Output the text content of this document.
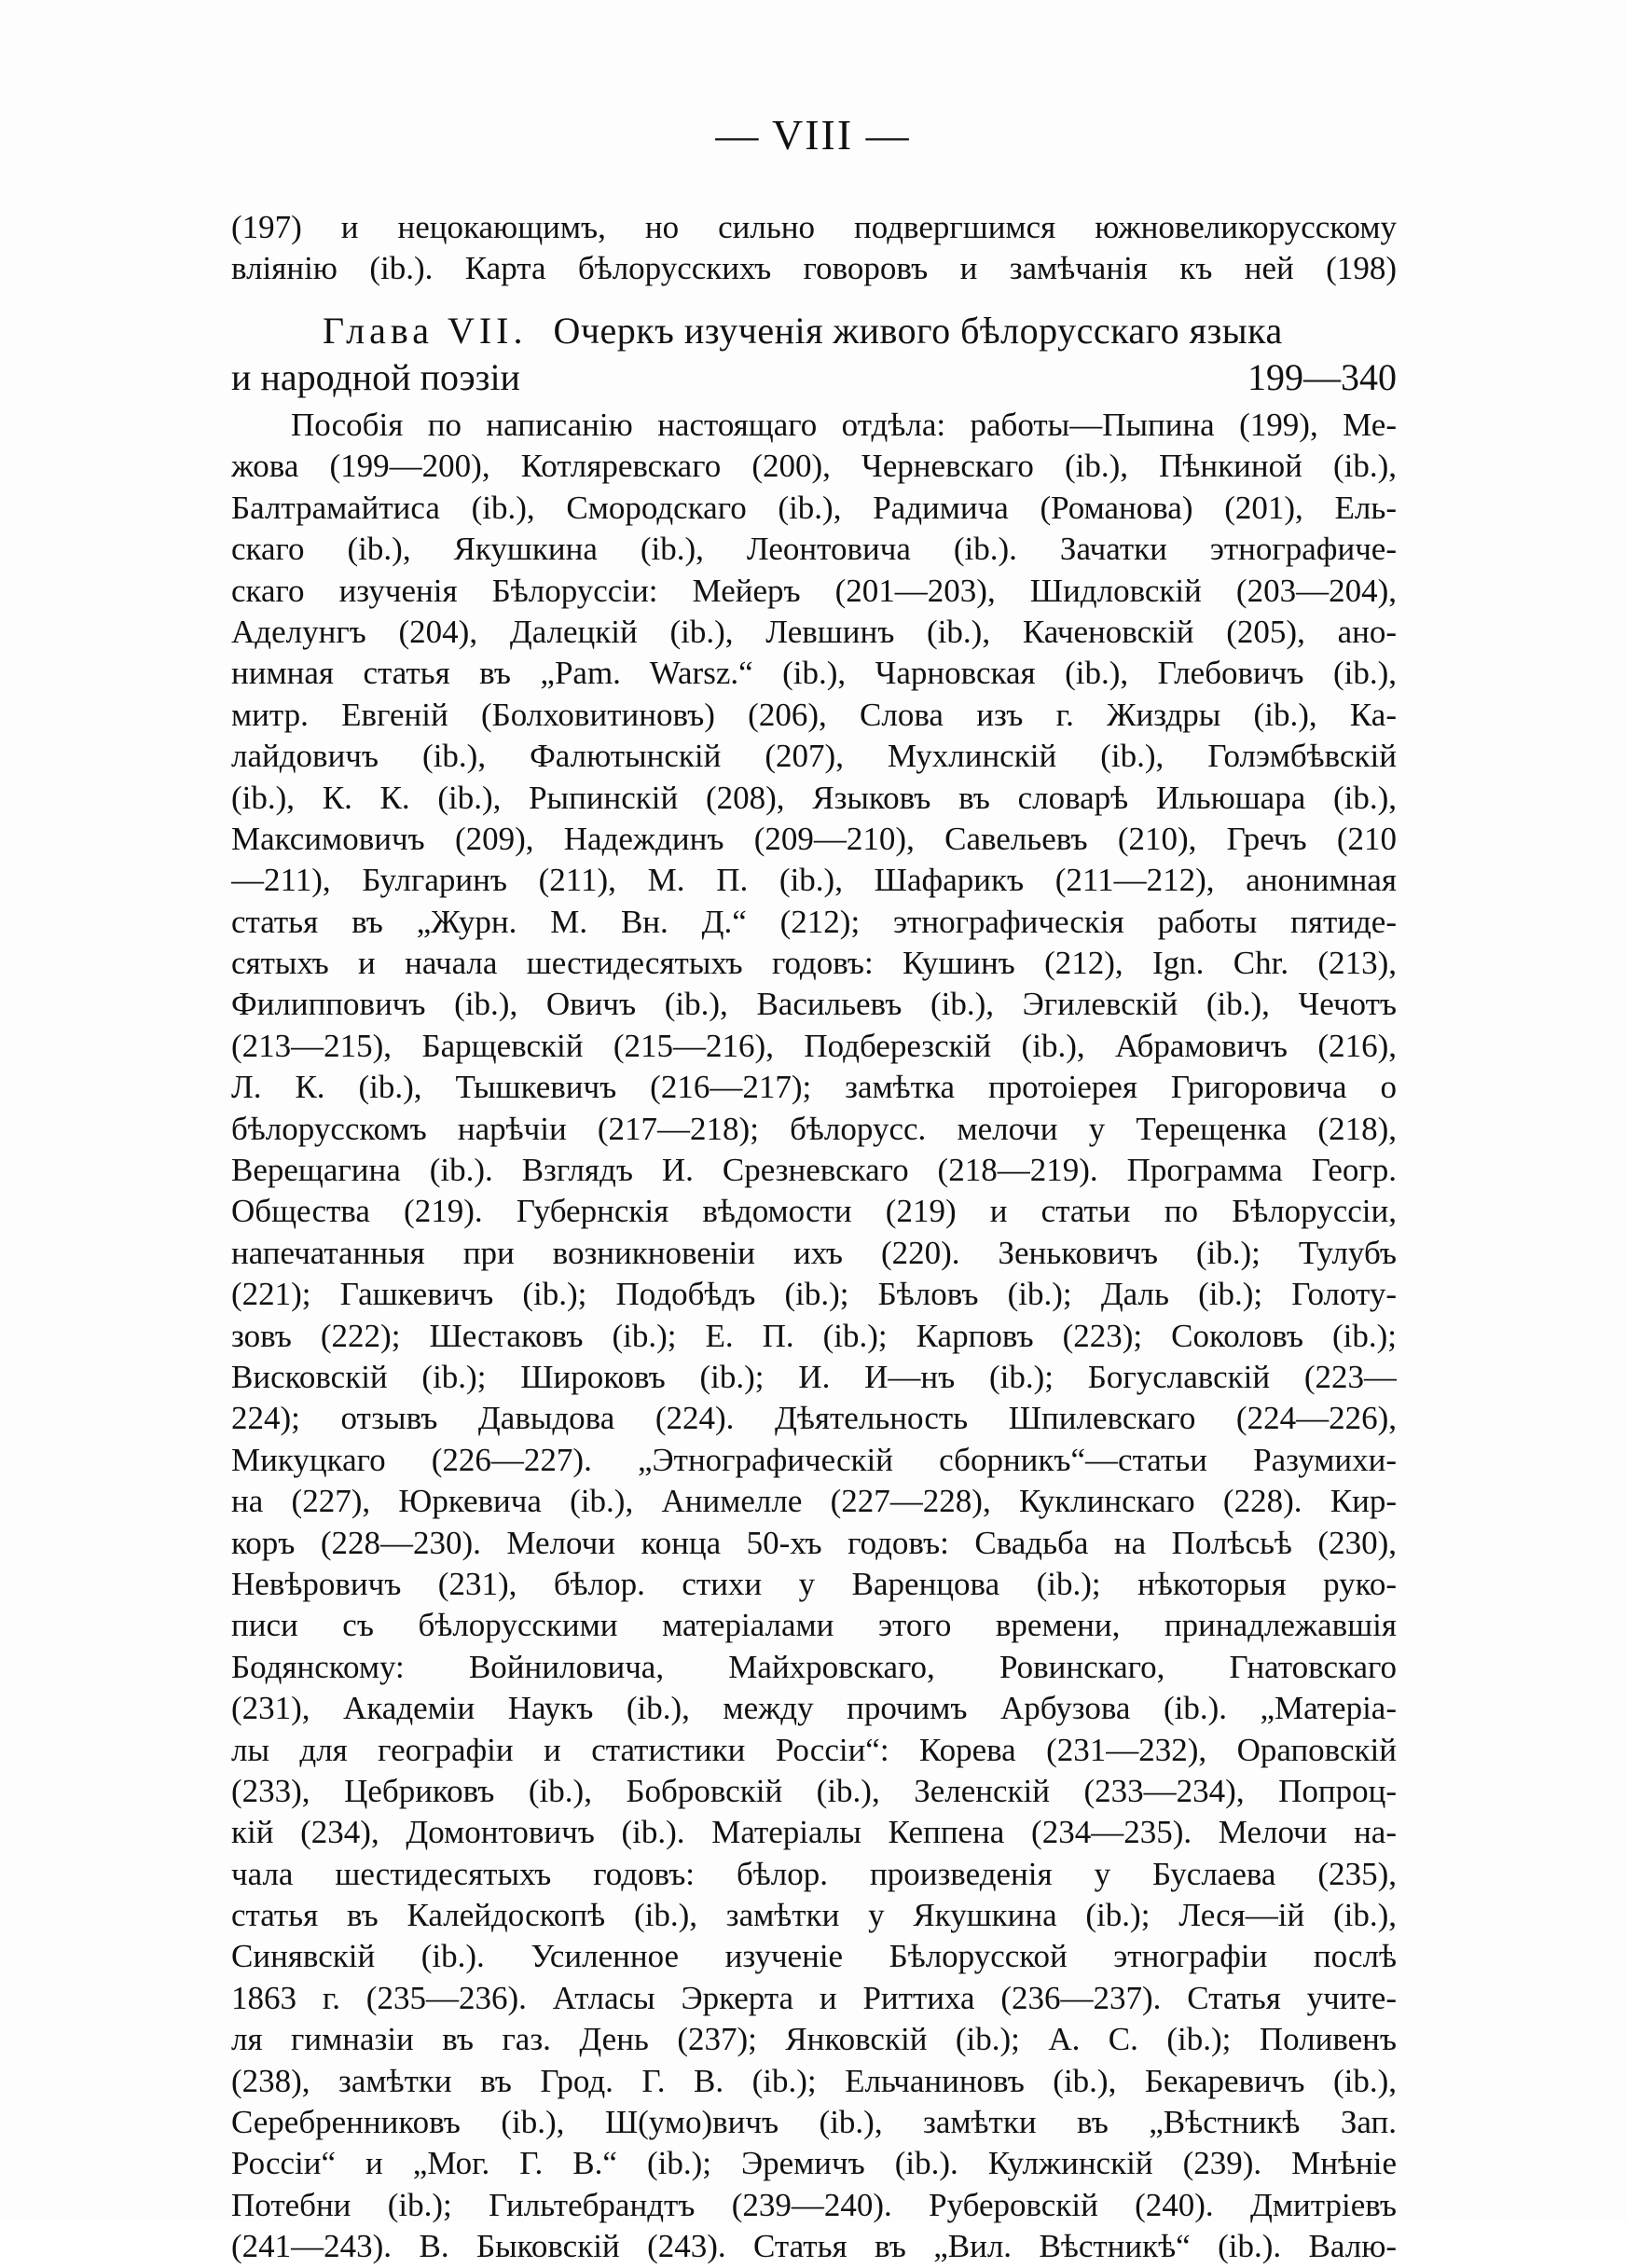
— VIII —
(197) и нецокающимъ, но сильно подвергшимся южновеликорусскому
вліянію (ib.). Карта бѣлорусскихъ говоровъ и замѣчанія къ ней (198)
Глава VII. Очеркъ изученія живого бѣлорусскаго языка
и народной поэзіи	199—340
Пособія по написанію настоящаго отдѣла: работы—Пыпина (199), Ме-
жова (199—200), Котляревскаго (200), Черневскаго (ib.), Пѣнкиной (ib.),
Балтрамайтиса (ib.), Смородскаго (ib.), Радимича (Романова) (201), Ель-
скаго (ib.), Якушкина (ib.), Леонтовича (ib.). Зачатки этнографиче-
скаго изученія Бѣлоруссіи: Мейеръ (201—203), Шидловскій (203—204),
Аделунгъ (204), Далецкій (ib.), Левшинъ (ib.), Каченовскій (205), ано-
нимная статья въ „Pam. Warsz.“ (ib.), Чарновская (ib.), Глебовичъ (ib.),
митр. Евгеній (Болховитиновъ) (206), Слова изъ г. Жиздры (ib.), Ка-
лайдовичъ (ib.), Фалютынскій (207), Мухлинскій (ib.), Голэмбѣвскій
(ib.), К. К. (ib.), Рыпинскій (208), Языковъ въ словарѣ Ильюшара (ib.),
Максимовичъ (209), Надеждинъ (209—210), Савельевъ (210), Гречъ (210
—211), Булгаринъ (211), М. П. (ib.), Шафарикъ (211—212), анонимная
статья въ „Журн. М. Вн. Д.“ (212); этнографическія работы пятиде-
сятыхъ и начала шестидесятыхъ годовъ: Кушинъ (212), Ign. Chr. (213),
Филипповичъ (ib.), Овичъ (ib.), Васильевъ (ib.), Эгилевскій (ib.), Чечотъ
(213—215), Барщевскій (215—216), Подберезскій (ib.), Абрамовичъ (216),
Л. К. (ib.), Тышкевичъ (216—217); замѣтка протоіерея Григоровича о
бѣлорусскомъ нарѣчіи (217—218); бѣлорусс. мелочи у Терещенка (218),
Верещагина (ib.). Взглядъ И. Срезневскаго (218—219). Программа Геогр.
Общества (219). Губернскія вѣдомости (219) и статьи по Бѣлоруссіи,
напечатанныя при возникновеніи ихъ (220). Зеньковичъ (ib.); Тулубъ
(221); Гашкевичъ (ib.); Подобѣдъ (ib.); Бѣловъ (ib.); Даль (ib.); Голоту-
зовъ (222); Шестаковъ (ib.); Е. П. (ib.); Карповъ (223); Соколовъ (ib.);
Висковскій (ib.); Широковъ (ib.); И. И—нъ (ib.); Богуславскій (223—
224); отзывъ Давыдова (224). Дѣятельность Шпилевскаго (224—226),
Микуцкаго (226—227). „Этнографическій сборникъ“—статьи Разумихи-
на (227), Юркевича (ib.), Анимелле (227—228), Куклинскаго (228). Кир-
коръ (228—230). Мелочи конца 50-хъ годовъ: Свадьба на Полѣсьѣ (230),
Невѣровичъ (231), бѣлор. стихи у Варенцова (ib.); нѣкоторыя руко-
писи съ бѣлорусскими матеріалами этого времени, принадлежавшія
Бодянскому: Войниловича, Майхровскаго, Ровинскаго, Гнатовскаго
(231), Академіи Наукъ (ib.), между прочимъ Арбузова (ib.). „Матеріа-
лы для географіи и статистики Россіи“: Корева (231—232), Ораповскій
(233), Цебриковъ (ib.), Бобровскій (ib.), Зеленскій (233—234), Попроц-
кій (234), Домонтовичъ (ib.). Матеріалы Кеппена (234—235). Мелочи на-
чала шестидесятыхъ годовъ: бѣлор. произведенія у Буслаева (235),
статья въ Калейдоскопѣ (ib.), замѣтки у Якушкина (ib.); Леся—ій (ib.),
Синявскій (ib.). Усиленное изученіе Бѣлорусской этнографіи послѣ
1863 г. (235—236). Атласы Эркерта и Риттиха (236—237). Статья учите-
ля гимназіи въ газ. День (237); Янковскій (ib.); А. С. (ib.); Поливенъ
(238), замѣтки въ Грод. Г. В. (ib.); Ельчаниновъ (ib.), Бекаревичъ (ib.),
Серебренниковъ (ib.), Ш(умо)вичъ (ib.), замѣтки въ „Вѣстникѣ Зап.
Россіи“ и „Мог. Г. В.“ (ib.); Эремичъ (ib.). Кулжинскій (239). Мнѣніе
Потебни (ib.); Гильтебрандтъ (239—240). Руберовскій (240). Дмитріевъ
(241—243). В. Быковскій (243). Статья въ „Вил. Вѣстникѣ“ (ib.). Валю-
